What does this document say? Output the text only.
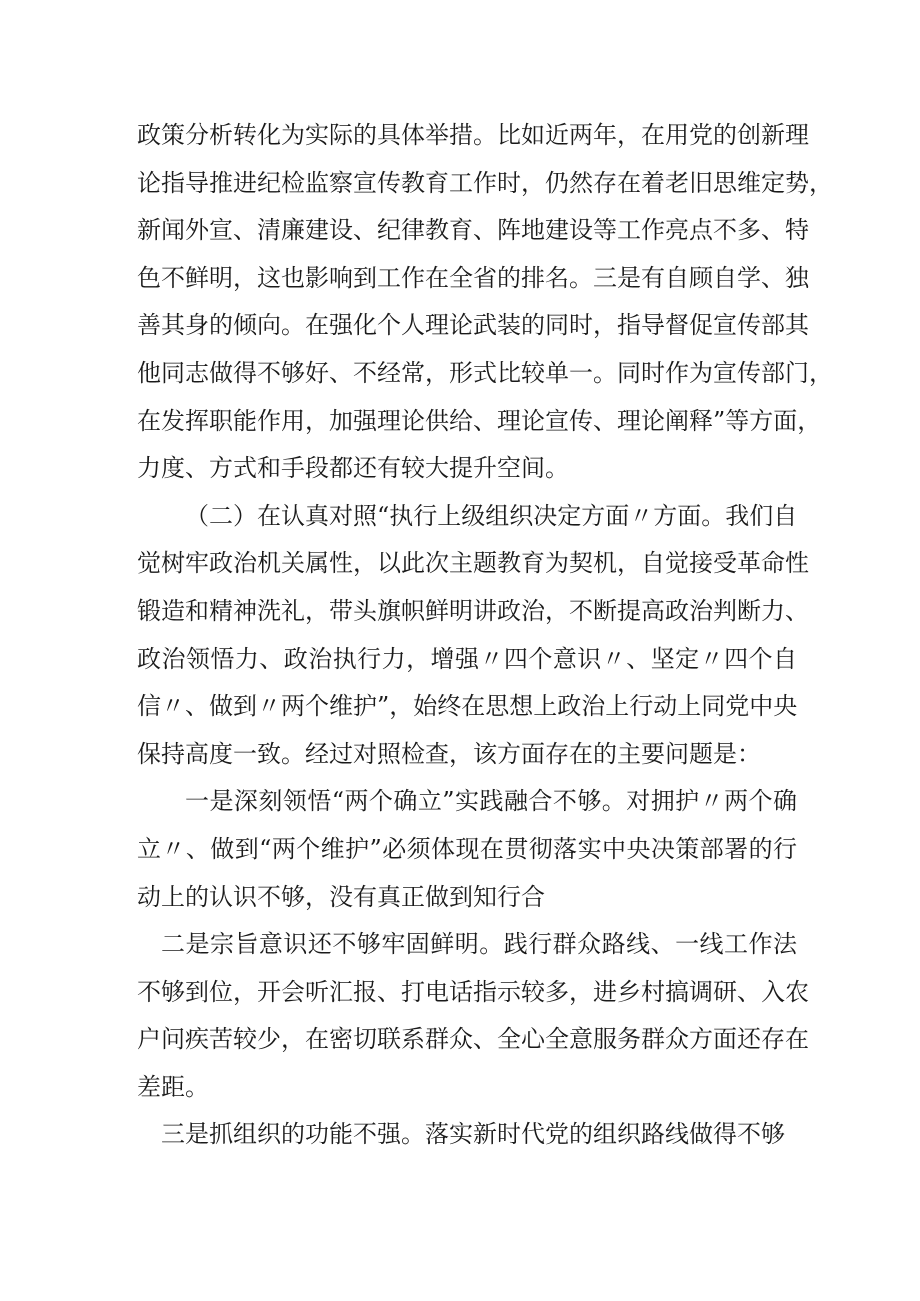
政策分析转化为实际的具体举措。比如近两年，在用党的创新理
论指导推进纪检监察宣传教育工作时，仍然存在着老旧思维定势，
新闻外宣、清廉建设、纪律教育、阵地建设等工作亮点不多、特
色不鲜明，这也影响到工作在全省的排名。三是有自顾自学、独
善其身的倾向。在强化个人理论武装的同时，指导督促宣传部其
他同志做得不够好、不经常，形式比较单一。同时作为宣传部门，
在发挥职能作用，加强理论供给、理论宣传、理论阐释”等方面，
力度、方式和手段都还有较大提升空间。
（二）在认真对照“执行上级组织决定方面〃方面。我们自
觉树牢政治机关属性，以此次主题教育为契机，自觉接受革命性
锻造和精神洗礼，带头旗帜鲜明讲政治，不断提高政治判断力、
政治领悟力、政治执行力，增强〃四个意识〃、坚定〃四个自
信〃、做到〃两个维护”，始终在思想上政治上行动上同党中央
保持高度一致。经过对照检查，该方面存在的主要问题是：
一是深刻领悟“两个确立”实践融合不够。对拥护〃两个确
立〃、做到“两个维护”必须体现在贯彻落实中央决策部署的行
动上的认识不够，没有真正做到知行合
二是宗旨意识还不够牢固鲜明。践行群众路线、一线工作法
不够到位，开会听汇报、打电话指示较多，进乡村搞调研、入农
户问疾苦较少，在密切联系群众、全心全意服务群众方面还存在
差距。
三是抓组织的功能不强。落实新时代党的组织路线做得不够
